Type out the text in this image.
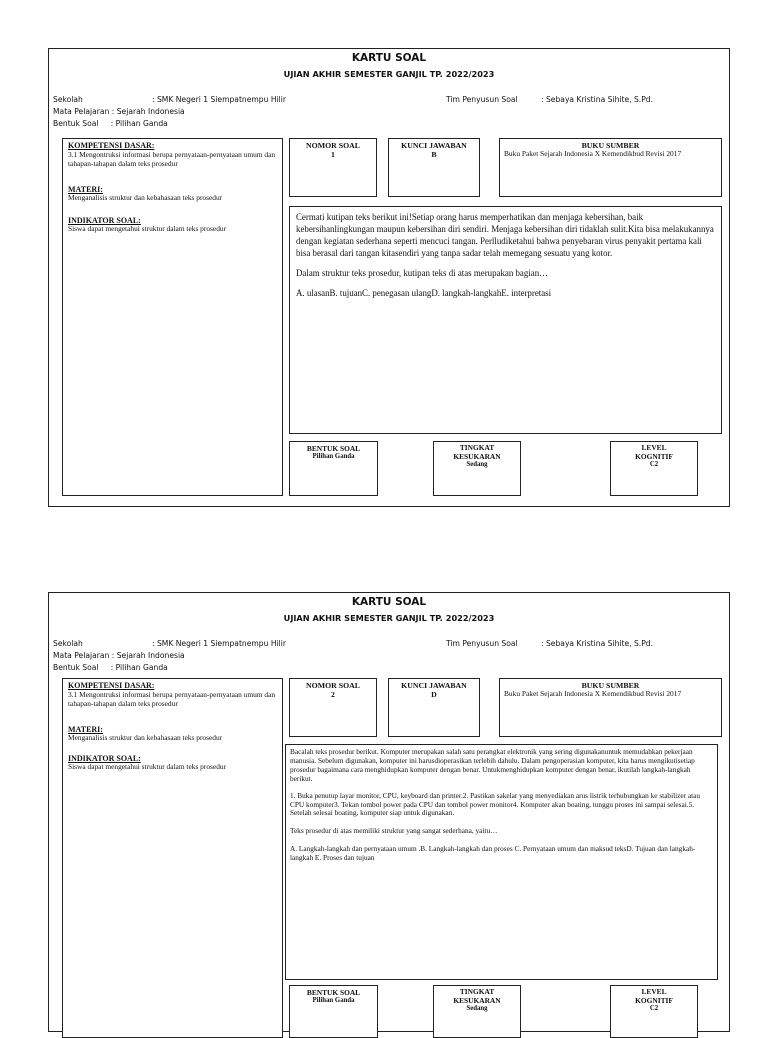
KARTU SOAL
UJIAN AKHIR SEMESTER GANJIL TP. 2022/2023
Sekolah	: SMK Negeri 1 Siempatnempu Hilir
Mata Pelajaran : Sejarah Indonesia
Bentuk Soal     : Pilihan Ganda
Tim Penyusun Soal	: Sebaya Kristina Sihite, S.Pd.
KOMPETENSI DASAR:
3.1 Mengontruksi informasi berupa pernyataan-pernyataan umum dan tahapan-tahapan dalam teks prosedur
MATERI:
Menganalisis struktur dan kebahasaan teks prosedur
INDIKATOR SOAL:
Siswa dapat mengetahui struktur dalam teks prosedur
NOMOR SOAL
1
KUNCI JAWABAN
B
BUKU SUMBER
Buku Paket Sejarah Indonesia X Kemendikbud Revisi 2017

Cermati kutipan teks berikut ini!Setiap orang harus memperhatikan dan menjaga kebersihan, baik kebersihanlingkungan maupun kebersihan diri sendiri. Menjaga kebersihan diri tidaklah sulit.Kita bisa melakukannya dengan kegiatan sederhana seperti mencuci tangan. Perlludiketahui bahwa penyebaran virus penyakit pertama kali bisa berasal dari tangan kitasendiri yang tanpa sadar telah memegang sesuatu yang kotor.

Dalam struktur teks prosedur, kutipan teks di atas merupakan bagian…

A. ulasanB. tujuanC. penegasan ulangD. langkah-langkahE. interpretasi

BENTUK SOAL
Pilihan Ganda
TINGKAT KESUKARAN
Sedang
LEVEL KOGNITIF
C2
KARTU SOAL
UJIAN AKHIR SEMESTER GANJIL TP. 2022/2023
Sekolah	: SMK Negeri 1 Siempatnempu Hilir
Mata Pelajaran : Sejarah Indonesia
Bentuk Soal     : Pilihan Ganda
Tim Penyusun Soal	: Sebaya Kristina Sihite, S.Pd.
KOMPETENSI DASAR:
3.1 Mengontruksi informasi berupa pernyataan-pernyataan umum dan tahapan-tahapan dalam teks prosedur
MATERI:
Menganalisis struktur dan kebahasaan teks prosedur
INDIKATOR SOAL:
Siswa dapat mengetahui struktur dalam teks prosedur
NOMOR SOAL
2
KUNCI JAWABAN
D
BUKU SUMBER
Buku Paket Sejarah Indonesia X Kemendikbud Revisi 2017

Bacalah teks prosedur berikut. Komputer merupakan salah satu perangkat elektronik yang sering digunakanuntuk memudahkan pekerjaan manusia. Sebelum digunakan, komputer ini harusdioperasikan terlebih dahulu. Dalam pengoperasian komputer, kita harus mengikutisetiap prosedur bagaimana cara menghidupkan komputer dengan benar. Untukmenghidupkan komputer dengan benar, ikutilah langkah-langkah berikut.

1. Buka penutup layar monitor, CPU, keyboard dan printer.2. Pastikan sakelar yang menyediakan arus listrik terhubungkan ke stabilizer atau CPU komputer3. Tekan tombol power pada CPU dan tombol power monitor4. Komputer akan boating, tunggu proses ini sampai selesai.5. Setelah selesai boating, komputer siap untuk digunakan.

Teks prosedur di atas memiliki struktur yang sangat sederhana, yaitu…

A. Langkah-langkah dan pernyataan umum .B. Langkah-langkah dan proses C. Pernyataan umum dan maksud teksD. Tujuan dan langkah-langkah E. Proses dan tujuan

BENTUK SOAL
Pilihan Ganda
TINGKAT KESUKARAN
Sedang
LEVEL KOGNITIF
C2
